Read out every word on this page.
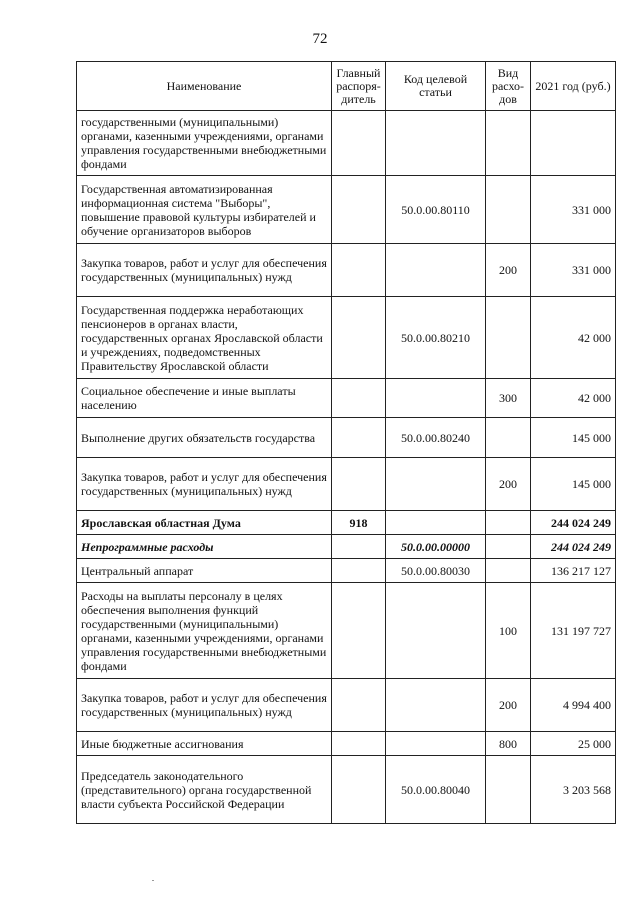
72
Наименование	Главный распоря-дитель	Код целевой статьи	Вид расхо-дов	2021 год (руб.)
государственными (муниципальными) органами, казенными учреждениями, органами управления государственными внебюджетными фондами				
Государственная автоматизированная информационная система "Выборы", повышение правовой культуры избирателей и обучение организаторов выборов		50.0.00.80110		331 000
Закупка товаров, работ и услуг для обеспечения государственных (муниципальных) нужд			200	331 000
Государственная поддержка неработающих пенсионеров в органах власти, государственных органах Ярославской области и учреждениях, подведомственных Правительству Ярославской области		50.0.00.80210		42 000
Социальное обеспечение и иные выплаты населению			300	42 000
Выполнение других обязательств государства		50.0.00.80240		145 000
Закупка товаров, работ и услуг для обеспечения государственных (муниципальных) нужд			200	145 000
Ярославская областная Дума	918			244 024 249
Непрограммные расходы		50.0.00.00000		244 024 249
Центральный аппарат		50.0.00.80030		136 217 127
Расходы на выплаты персоналу в целях обеспечения выполнения функций государственными (муниципальными) органами, казенными учреждениями, органами управления государственными внебюджетными фондами			100	131 197 727
Закупка товаров, работ и услуг для обеспечения государственных (муниципальных) нужд			200	4 994 400
Иные бюджетные ассигнования			800	25 000
Председатель законодательного (представительного) органа государственной власти субъекта Российской Федерации		50.0.00.80040		3 203 568
